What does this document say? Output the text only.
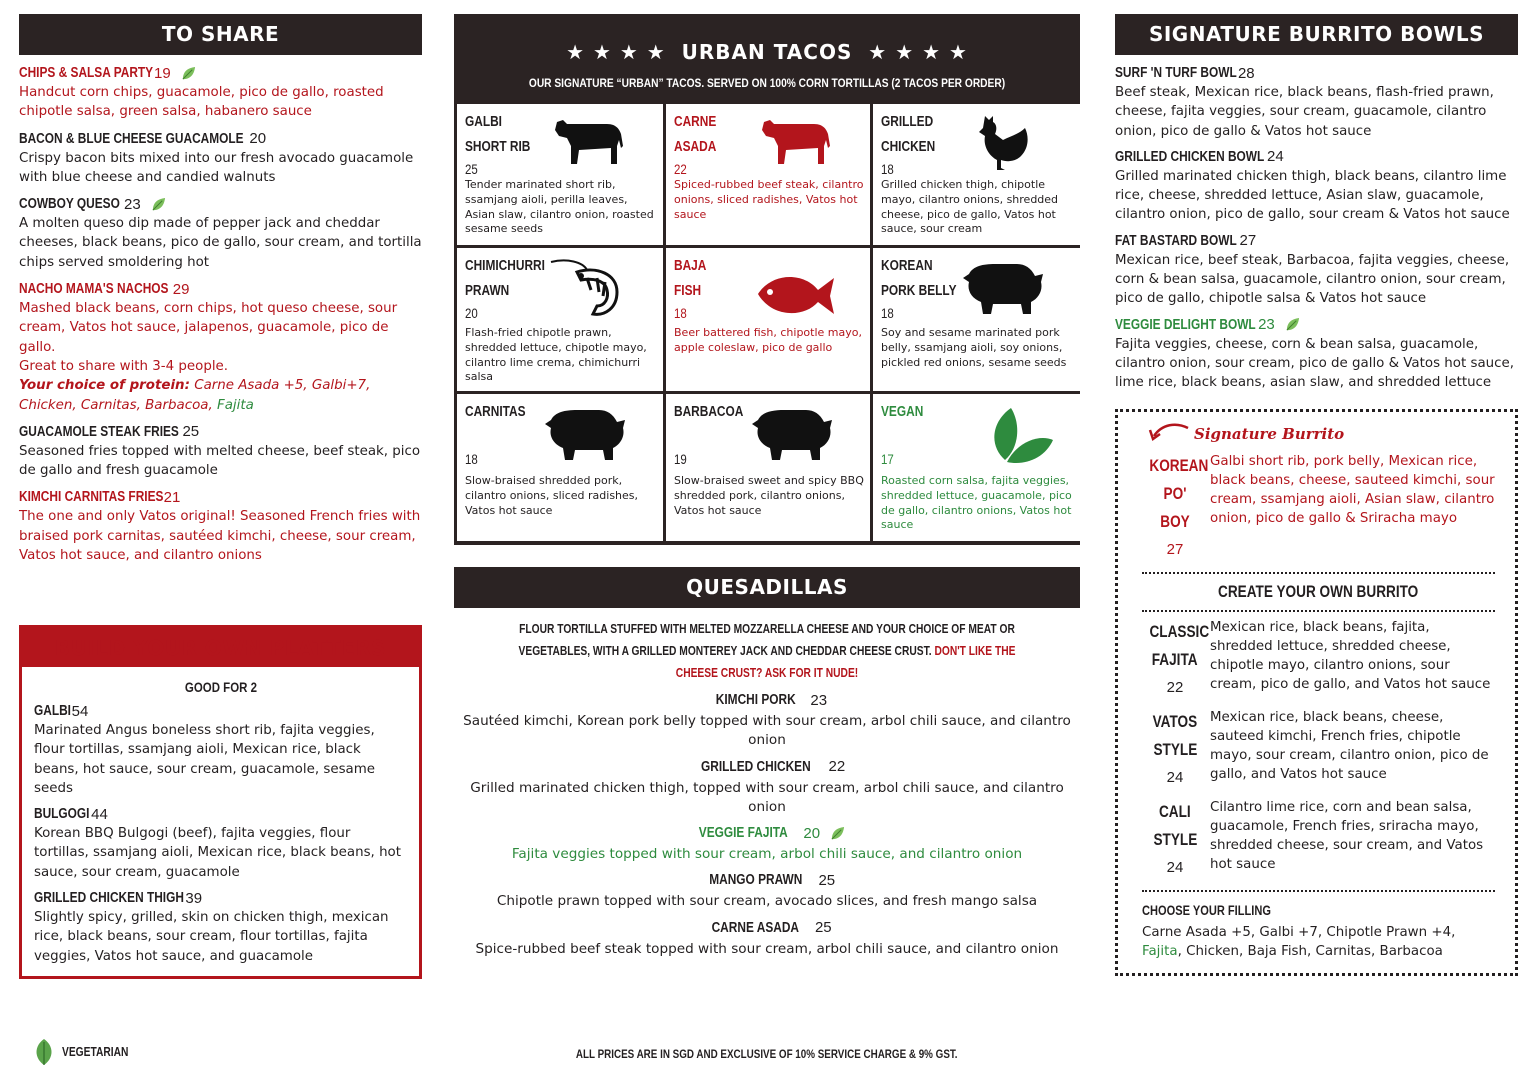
TO SHARE
CHIPS & SALSA PARTY 19
Handcut corn chips, guacamole, pico de gallo, roasted chipotle salsa, green salsa, habanero sauce
BACON & BLUE CHEESE GUACAMOLE 20
Crispy bacon bits mixed into our fresh avocado guacamole with blue cheese and candied walnuts
COWBOY QUESO 23
A molten queso dip made of pepper jack and cheddar cheeses, black beans, pico de gallo, sour cream, and tortilla chips served smoldering hot
NACHO MAMA'S NACHOS 29
Mashed black beans, corn chips, hot queso cheese, sour cream, Vatos hot sauce, jalapenos, guacamole, pico de gallo.
Great to share with 3-4 people.
Your choice of protein: Carne Asada +5, Galbi+7, Chicken, Carnitas, Barbacoa, Fajita
GUACAMOLE STEAK FRIES 25
Seasoned fries topped with melted cheese, beef steak, pico de gallo and fresh guacamole
KIMCHI CARNITAS FRIES 21
The one and only Vatos original! Seasoned French fries with braised pork carnitas, sautéed kimchi, cheese, sour cream, Vatos hot sauce, and cilantro onions
BUILD YOUR OWN PLATTERS
GOOD FOR 2
GALBI 54
Marinated Angus boneless short rib, fajita veggies, flour tortillas, ssamjang aioli, Mexican rice, black beans, hot sauce, sour cream, guacamole, sesame seeds
BULGOGI 44
Korean BBQ Bulgogi (beef), fajita veggies, flour tortillas, ssamjang aioli, Mexican rice, black beans, hot sauce, sour cream, guacamole
GRILLED CHICKEN THIGH 39
Slightly spicy, grilled, skin on chicken thigh, mexican rice, black beans, sour cream, flour tortillas, fajita veggies, Vatos hot sauce, and guacamole
★ ★ ★ ★ URBAN TACOS ★ ★ ★ ★
OUR SIGNATURE “URBAN” TACOS. SERVED ON 100% CORN TORTILLAS (2 TACOS PER ORDER)
GALBI
SHORT RIB
25
Tender marinated short rib, ssamjang aioli, perilla leaves, Asian slaw, cilantro onion, roasted sesame seeds
CARNE
ASADA
22
Spiced-rubbed beef steak, cilantro onions, sliced radishes, Vatos hot sauce
GRILLED
CHICKEN
18
Grilled chicken thigh, chipotle mayo, cilantro onions, shredded cheese, pico de gallo, Vatos hot sauce, sour cream
CHIMICHURRI
PRAWN
20
Flash-fried chipotle prawn, shredded lettuce, chipotle mayo, cilantro lime crema, chimichurri salsa
BAJA
FISH
18
Beer battered fish, chipotle mayo, apple coleslaw, pico de gallo
KOREAN
PORK BELLY
18
Soy and sesame marinated pork belly, ssamjang aioli, soy onions, pickled red onions, sesame seeds
CARNITAS
18
Slow-braised shredded pork, cilantro onions, sliced radishes, Vatos hot sauce
BARBACOA
19
Slow-braised sweet and spicy BBQ shredded pork, cilantro onions, Vatos hot sauce
VEGAN
17
Roasted corn salsa, fajita veggies, shredded lettuce, guacamole, pico de gallo, cilantro onions, Vatos hot sauce
QUESADILLAS
FLOUR TORTILLA STUFFED WITH MELTED MOZZARELLA CHEESE AND YOUR CHOICE OF MEAT OR VEGETABLES, WITH A GRILLED MONTEREY JACK AND CHEDDAR CHEESE CRUST. DON'T LIKE THE CHEESE CRUST? ASK FOR IT NUDE!
KIMCHI PORK 23
Sautéed kimchi, Korean pork belly topped with sour cream, arbol chili sauce, and cilantro onion
GRILLED CHICKEN 22
Grilled marinated chicken thigh, topped with sour cream, arbol chili sauce, and cilantro onion
VEGGIE FAJITA 20
Fajita veggies topped with sour cream, arbol chili sauce, and cilantro onion
MANGO PRAWN 25
Chipotle prawn topped with sour cream, avocado slices, and fresh mango salsa
CARNE ASADA 25
Spice-rubbed beef steak topped with sour cream, arbol chili sauce, and cilantro onion
SIGNATURE BURRITO BOWLS
SURF 'N TURF BOWL 28
Beef steak, Mexican rice, black beans, flash-fried prawn, cheese, fajita veggies, sour cream, guacamole, cilantro onion, pico de gallo & Vatos hot sauce
GRILLED CHICKEN BOWL 24
Grilled marinated chicken thigh, black beans, cilantro lime rice, cheese, shredded lettuce, Asian slaw, guacamole, cilantro onion, pico de gallo, sour cream & Vatos hot sauce
FAT BASTARD BOWL 27
Mexican rice, beef steak, Barbacoa, fajita veggies, cheese, corn & bean salsa, guacamole, cilantro onion, sour cream, pico de gallo, chipotle salsa & Vatos hot sauce
VEGGIE DELIGHT BOWL 23
Fajita veggies, cheese, corn & bean salsa, guacamole, cilantro onion, sour cream, pico de gallo & Vatos hot sauce, lime rice, black beans, asian slaw, and shredded lettuce
Signature Burrito
KOREAN
PO' BOY
27
Galbi short rib, pork belly, Mexican rice, black beans, cheese, sauteed kimchi, sour cream, ssamjang aioli, Asian slaw, cilantro onion, pico de gallo & Sriracha mayo
CREATE YOUR OWN BURRITO
CLASSIC
FAJITA
22
Mexican rice, black beans, fajita, shredded lettuce, shredded cheese, chipotle mayo, cilantro onions, sour cream, pico de gallo, and Vatos hot sauce
VATOS
STYLE
24
Mexican rice, black beans, cheese, sauteed kimchi, French fries, chipotle mayo, sour cream, cilantro onion, pico de gallo, and Vatos hot sauce
CALI
STYLE
24
Cilantro lime rice, corn and bean salsa, guacamole, French fries, sriracha mayo, shredded cheese, sour cream, and Vatos hot sauce
CHOOSE YOUR FILLING
Carne Asada +5, Galbi +7, Chipotle Prawn +4,
Fajita, Chicken, Baja Fish, Carnitas, Barbacoa
VEGETARIAN	ALL PRICES ARE IN SGD AND EXCLUSIVE OF 10% SERVICE CHARGE & 9% GST.
